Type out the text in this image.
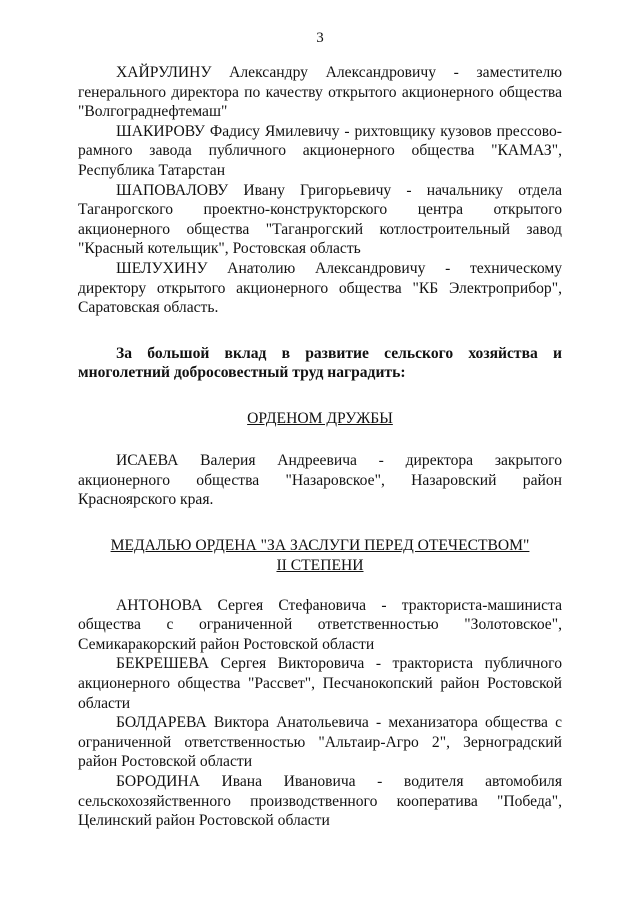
3

ХАЙРУЛИНУ Александру Александровичу - заместителю генерального директора по качеству открытого акционерного общества "Волгограднефтемаш"

ШАКИРОВУ Фадису Ямилевичу - рихтовщику кузовов прессово-рамного завода публичного акционерного общества "КАМАЗ", Республика Татарстан

ШАПОВАЛОВУ Ивану Григорьевичу - начальнику отдела Таганрогского проектно-конструкторского центра открытого акционерного общества "Таганрогский котлостроительный завод "Красный котельщик", Ростовская область

ШЕЛУХИНУ Анатолию Александровичу - техническому директору открытого акционерного общества "КБ Электроприбор", Саратовская область.

За большой вклад в развитие сельского хозяйства и многолетний добросовестный труд наградить:

ОРДЕНОМ ДРУЖБЫ

ИСАЕВА Валерия Андреевича - директора закрытого акционерного общества "Назаровское", Назаровский район Красноярского края.

МЕДАЛЬЮ ОРДЕНА "ЗА ЗАСЛУГИ ПЕРЕД ОТЕЧЕСТВОМ"
II СТЕПЕНИ

АНТОНОВА Сергея Стефановича - тракториста-машиниста общества с ограниченной ответственностью "Золотовское", Семикаракорский район Ростовской области

БЕКРЕШЕВА Сергея Викторовича - тракториста публичного акционерного общества "Рассвет", Песчанокопский район Ростовской области

БОЛДАРЕВА Виктора Анатольевича - механизатора общества с ограниченной ответственностью "Альтаир-Агро 2", Зерноградский район Ростовской области

БОРОДИНА Ивана Ивановича - водителя автомобиля сельскохозяйственного производственного кооператива "Победа", Целинский район Ростовской области
